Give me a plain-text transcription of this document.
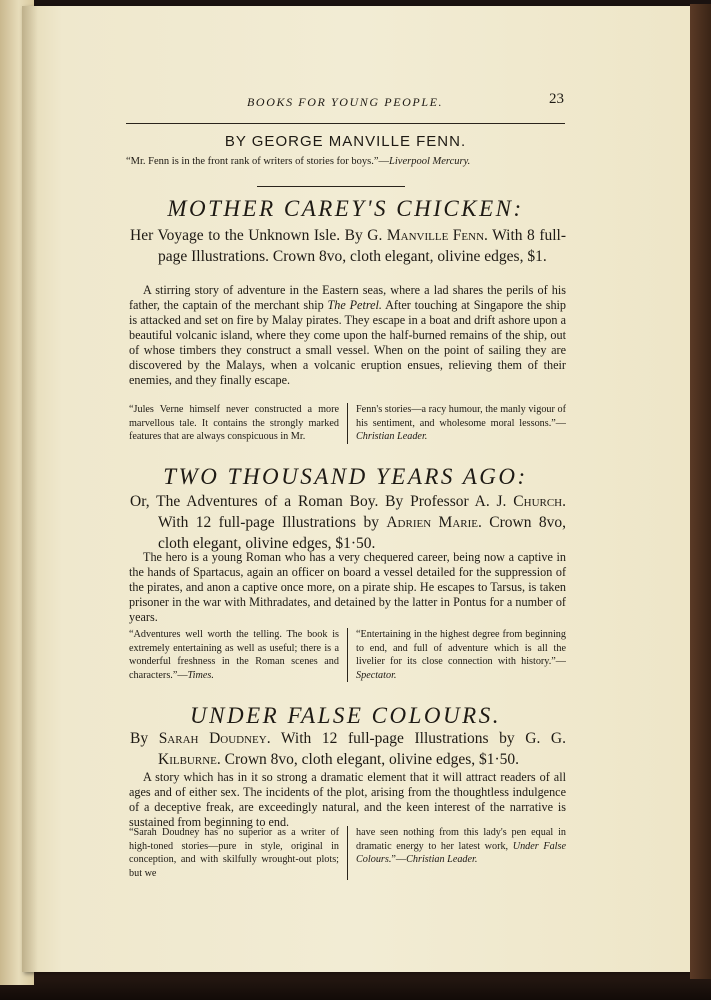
BOOKS FOR YOUNG PEOPLE.	23
BY GEORGE MANVILLE FENN.
“Mr. Fenn is in the front rank of writers of stories for boys.”—Liverpool Mercury.
MOTHER CAREY'S CHICKEN:
Her Voyage to the Unknown Isle. By G. Manville Fenn. With 8 full-page Illustrations. Crown 8vo, cloth elegant, olivine edges, $1.
A stirring story of adventure in the Eastern seas, where a lad shares the perils of his father, the captain of the merchant ship The Petrel. After touching at Singapore the ship is attacked and set on fire by Malay pirates. They escape in a boat and drift ashore upon a beautiful volcanic island, where they come upon the half-burned remains of the ship, out of whose timbers they construct a small vessel. When on the point of sailing they are discovered by the Malays, when a volcanic eruption ensues, relieving them of their enemies, and they finally escape.
“Jules Verne himself never constructed a more marvellous tale. It contains the strongly marked features that are always conspicuous in Mr.
Fenn's stories—a racy humour, the manly vigour of his sentiment, and wholesome moral lessons.”—Christian Leader.
TWO THOUSAND YEARS AGO:
Or, The Adventures of a Roman Boy. By Professor A. J. Church. With 12 full-page Illustrations by Adrien Marie. Crown 8vo, cloth elegant, olivine edges, $1·50.
The hero is a young Roman who has a very chequered career, being now a captive in the hands of Spartacus, again an officer on board a vessel detailed for the suppression of the pirates, and anon a captive once more, on a pirate ship. He escapes to Tarsus, is taken prisoner in the war with Mithradates, and detained by the latter in Pontus for a number of years.
“Adventures well worth the telling. The book is extremely entertaining as well as useful; there is a wonderful freshness in the Roman scenes and characters.”—Times.
“Entertaining in the highest degree from beginning to end, and full of adventure which is all the livelier for its close connection with history.”—Spectator.
UNDER FALSE COLOURS.
By Sarah Doudney. With 12 full-page Illustrations by G. G. Kilburne. Crown 8vo, cloth elegant, olivine edges, $1·50.
A story which has in it so strong a dramatic element that it will attract readers of all ages and of either sex. The incidents of the plot, arising from the thoughtless indulgence of a deceptive freak, are exceedingly natural, and the keen interest of the narrative is sustained from beginning to end.
“Sarah Doudney has no superior as a writer of high-toned stories—pure in style, original in conception, and with skilfully wrought-out plots; but we
have seen nothing from this lady's pen equal in dramatic energy to her latest work, Under False Colours.”—Christian Leader.
